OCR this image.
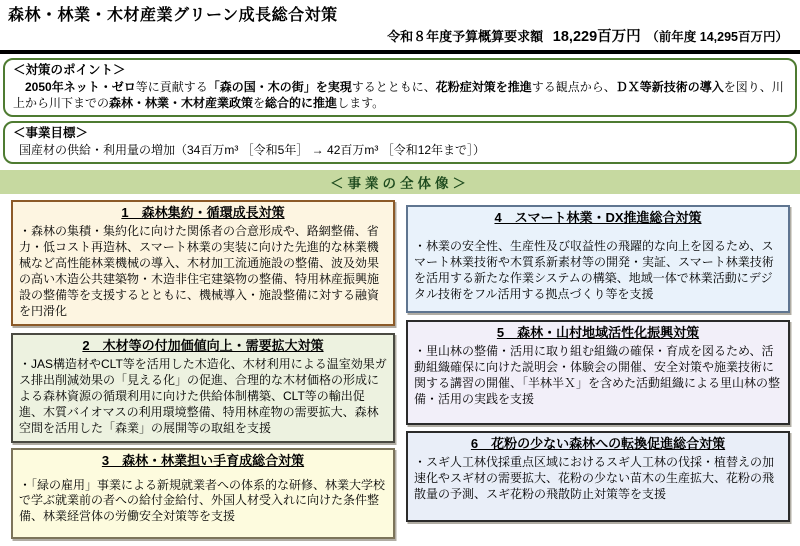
森林・林業・木材産業グリーン成長総合対策
令和８年度予算概算要求額 18,229百万円 （前年度 14,295百万円）
＜対策のポイント＞
2050年ネット・ゼロ等に貢献する「森の国・木の街」を実現するとともに、花粉症対策を推進する観点から、ＤＸ等新技術の導入を図り、川上から川下までの森林・林業・木材産業政策を総合的に推進します。
＜事業目標＞
国産材の供給・利用量の増加（34百万m³ ［令和5年］ → 42百万m³ ［令和12年まで］）
＜事業の全体像＞
1　森林集約・循環成長対策
・森林の集積・集約化に向けた関係者の合意形成や、路網整備、省力・低コスト再造林、スマート林業の実装に向けた先進的な林業機械など高性能林業機械の導入、木材加工流通施設の整備、波及効果の高い木造公共建築物・木造非住宅建築物の整備、特用林産振興施設の整備等を支援するとともに、機械導入・施設整備に対する融資を円滑化
2　木材等の付加価値向上・需要拡大対策
・JAS構造材やCLT等を活用した木造化、木材利用による温室効果ガス排出削減効果の「見える化」の促進、合理的な木材価格の形成による森林資源の循環利用に向けた供給体制構築、CLT等の輸出促進、木質バイオマスの利用環境整備、特用林産物の需要拡大、森林空間を活用した「森業」の展開等の取組を支援
3　森林・林業担い手育成総合対策
・「緑の雇用」事業による新規就業者への体系的な研修、林業大学校で学ぶ就業前の者への給付金給付、外国人材受入れに向けた条件整備、林業経営体の労働安全対策等を支援
4　スマート林業・DX推進総合対策
・林業の安全性、生産性及び収益性の飛躍的な向上を図るため、スマート林業技術や木質系新素材等の開発・実証、スマート林業技術を活用する新たな作業システムの構築、地域一体で林業活動にデジタル技術をフル活用する拠点づくり等を支援
5　森林・山村地域活性化振興対策
・里山林の整備・活用に取り組む組織の確保・育成を図るため、活動組織確保に向けた説明会・体験会の開催、安全対策や施業技術に関する講習の開催、「半林半Ｘ」を含めた活動組織による里山林の整備・活用の実践を支援
6　花粉の少ない森林への転換促進総合対策
・スギ人工林伐採重点区域におけるスギ人工林の伐採・植替えの加速化やスギ材の需要拡大、花粉の少ない苗木の生産拡大、花粉の飛散量の予測、スギ花粉の飛散防止対策等を支援
